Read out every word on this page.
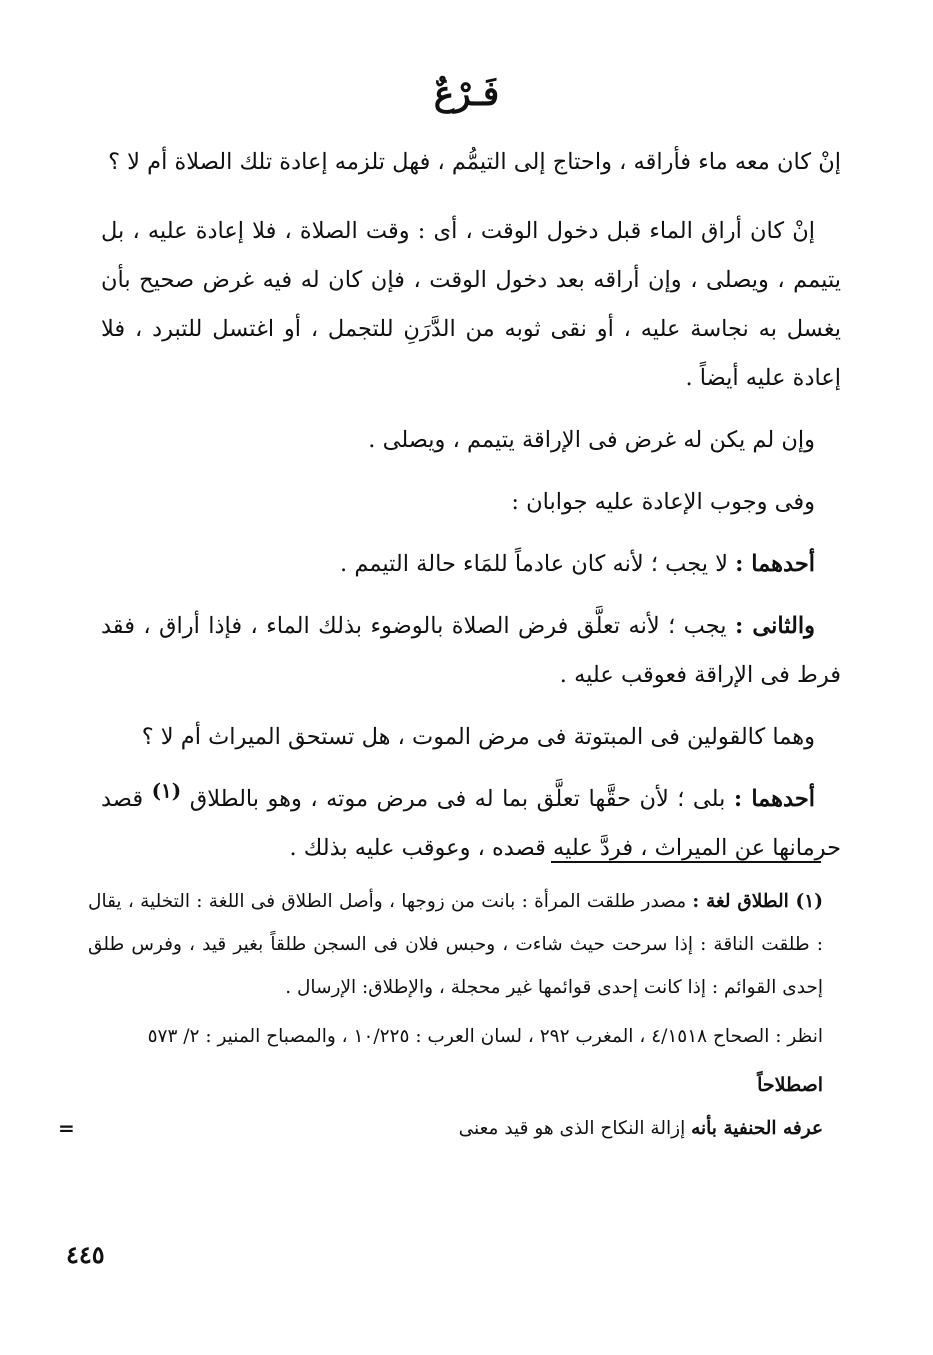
فَـرْعٌ

إنْ كان معه ماء فأراقه ، واحتاج إلى التيمُّم ، فهل تلزمه إعادة تلك الصلاة أم لا ؟

إنْ كان أراق الماء قبل دخول الوقت ، أى : وقت الصلاة ، فلا إعادة عليه ، بل يتيمم ، ويصلى ، وإن أراقه بعد دخول الوقت ، فإن كان له فيه غرض صحيح بأن يغسل به نجاسة عليه ، أو نقى ثوبه من الدَّرَنِ للتجمل ، أو اغتسل للتبرد ، فلا إعادة عليه أيضاً .

وإن لم يكن له غرض فى الإراقة يتيمم ، ويصلى .

وفى وجوب الإعادة عليه جوابان :

أحدهما : لا يجب ؛ لأنه كان عادماً للمَاء حالة التيمم .

والثانى : يجب ؛ لأنه تعلَّق فرض الصلاة بالوضوء بذلك الماء ، فإذا أراق ، فقد فرط فى الإراقة فعوقب عليه .

وهما كالقولين فى المبتوتة فى مرض الموت ، هل تستحق الميراث أم لا ؟

أحدهما : بلى ؛ لأن حقَّها تعلَّق بما له فى مرض موته ، وهو بالطلاق (١) قصد حرمانها عن الميراث ، فردَّ عليه قصده ، وعوقب عليه بذلك .

(١) الطلاق لغة : مصدر طلقت المرأة : بانت من زوجها ، وأصل الطلاق فى اللغة : التخلية ، يقال : طلقت الناقة : إذا سرحت حيث شاءت ، وحبس فلان فى السجن طلقاً بغير قيد ، وفرس طلق إحدى القوائم : إذا كانت إحدى قوائمها غير محجلة ، والإطلاق: الإرسال .

انظر : الصحاح ٤/١٥١٨ ، المغرب ٢٩٢ ، لسان العرب : ١٠/٢٢٥ ، والمصباح المنير : ٢/ ٥٧٣

اصطلاحاً

عرفه الحنفية بأنه إزالة النكاح الذى هو قيد معنى
=
٤٤٥
